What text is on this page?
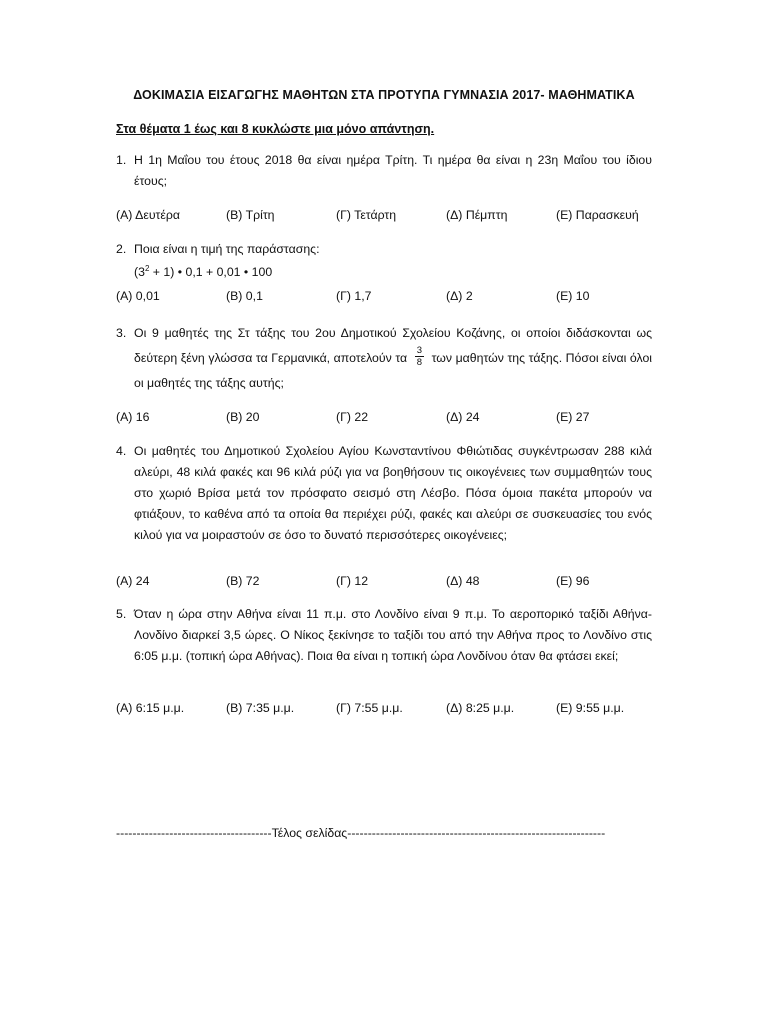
ΔΟΚΙΜΑΣΙΑ ΕΙΣΑΓΩΓΗΣ ΜΑΘΗΤΩΝ ΣΤΑ ΠΡΟΤΥΠΑ ΓΥΜΝΑΣΙΑ 2017- ΜΑΘΗΜΑΤΙΚΑ
Στα θέματα 1 έως και 8 κυκλώστε μια μόνο απάντηση.
1. Η 1η Μαΐου του έτους 2018 θα είναι ημέρα Τρίτη. Τι ημέρα θα είναι η 23η Μαΐου του ίδιου έτους;
(Α) Δευτέρα	(Β) Τρίτη	(Γ) Τετάρτη	(Δ) Πέμπτη	(Ε) Παρασκευή
2. Ποια είναι η τιμή της παράστασης:
$(3^2 + 1)$ • 0,1 + 0,01 • 100
(Α) 0,01	(Β) 0,1	(Γ) 1,7	(Δ) 2	(Ε) 10
3. Οι 9 μαθητές της Στ τάξης του 2ου Δημοτικού Σχολείου Κοζάνης, οι οποίοι διδάσκονται ως δεύτερη ξένη γλώσσα τα Γερμανικά, αποτελούν τα $\frac{3}{8}$ των μαθητών της τάξης. Πόσοι είναι όλοι οι μαθητές της τάξης αυτής;
(Α) 16	(Β) 20	(Γ) 22	(Δ) 24	(Ε) 27
4. Οι μαθητές του Δημοτικού Σχολείου Αγίου Κωνσταντίνου Φθιώτιδας συγκέντρωσαν 288 κιλά αλεύρι, 48 κιλά φακές και 96 κιλά ρύζι για να βοηθήσουν τις οικογένειες των συμμαθητών τους στο χωριό Βρίσα μετά τον πρόσφατο σεισμό στη Λέσβο. Πόσα όμοια πακέτα μπορούν να φτιάξουν, το καθένα από τα οποία θα περιέχει ρύζι, φακές και αλεύρι σε συσκευασίες του ενός κιλού για να μοιραστούν σε όσο το δυνατό περισσότερες οικογένειες;
(Α) 24	(Β) 72	(Γ) 12	(Δ) 48	(Ε) 96
5. Όταν η ώρα στην Αθήνα είναι 11 π.μ. στο Λονδίνο είναι 9 π.μ. Το αεροπορικό ταξίδι Αθήνα-Λονδίνο διαρκεί 3,5 ώρες. Ο Νίκος ξεκίνησε το ταξίδι του από την Αθήνα προς το Λονδίνο στις 6:05 μ.μ. (τοπική ώρα Αθήνας). Ποια θα είναι η τοπική ώρα Λονδίνου όταν θα φτάσει εκεί;
(Α) 6:15 μ.μ.	(Β) 7:35 μ.μ.	(Γ) 7:55 μ.μ.	(Δ) 8:25 μ.μ.	(Ε) 9:55 μ.μ.
--------------------------------------Τέλος σελίδας---------------------------------------------------------------
